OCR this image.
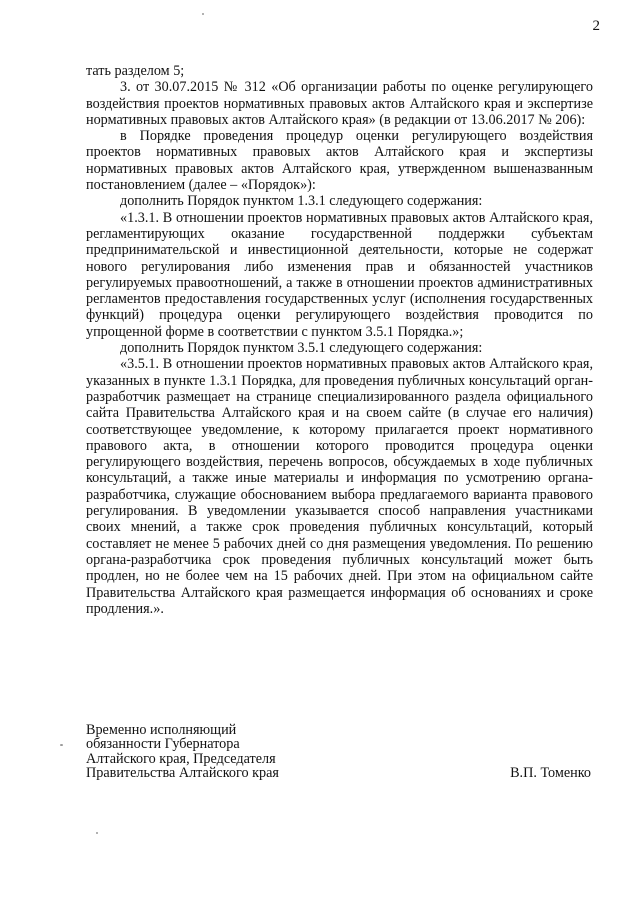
2

тать разделом 5;

3. от 30.07.2015 № 312 «Об организации работы по оценке регулирующего воздействия проектов нормативных правовых актов Алтайского края и экспертизе нормативных правовых актов Алтайского края» (в редакции от 13.06.2017 № 206):

в Порядке проведения процедур оценки регулирующего воздействия проектов нормативных правовых актов Алтайского края и экспертизы нормативных правовых актов Алтайского края, утвержденном вышеназванным постановлением (далее – «Порядок»):

дополнить Порядок пунктом 1.3.1 следующего содержания:

«1.3.1. В отношении проектов нормативных правовых актов Алтайского края, регламентирующих оказание государственной поддержки субъектам предпринимательской и инвестиционной деятельности, которые не содержат нового регулирования либо изменения прав и обязанностей участников регулируемых правоотношений, а также в отношении проектов административных регламентов предоставления государственных услуг (исполнения государственных функций) процедура оценки регулирующего воздействия проводится по упрощенной форме в соответствии с пунктом 3.5.1 Порядка.»;

дополнить Порядок пунктом 3.5.1 следующего содержания:

«3.5.1. В отношении проектов нормативных правовых актов Алтайского края, указанных в пункте 1.3.1 Порядка, для проведения публичных консультаций орган-разработчик размещает на странице специализированного раздела официального сайта Правительства Алтайского края и на своем сайте (в случае его наличия) соответствующее уведомление, к которому прилагается проект нормативного правового акта, в отношении которого проводится процедура оценки регулирующего воздействия, перечень вопросов, обсуждаемых в ходе публичных консультаций, а также иные материалы и информация по усмотрению органа-разработчика, служащие обоснованием выбора предлагаемого варианта правового регулирования. В уведомлении указывается способ направления участниками своих мнений, а также срок проведения публичных консультаций, который составляет не менее 5 рабочих дней со дня размещения уведомления. По решению органа-разработчика срок проведения публичных консультаций может быть продлен, но не более чем на 15 рабочих дней. При этом на официальном сайте Правительства Алтайского края размещается информация об основаниях и сроке продления.».

Временно исполняющий
обязанности Губернатора
Алтайского края, Председателя
Правительства Алтайского края	В.П. Томенко
